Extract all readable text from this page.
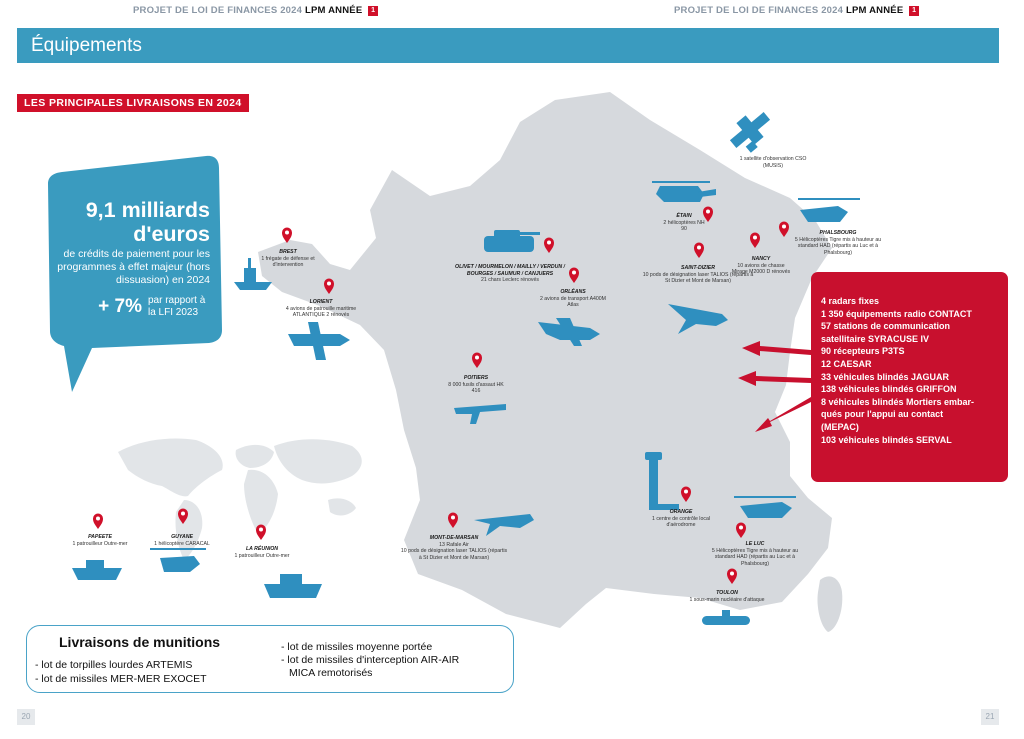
PROJET DE LOI DE FINANCES 2024 LPM ANNÉE 1	PROJET DE LOI DE FINANCES 2024 LPM ANNÉE 1
Équipements
LES PRINCIPALES LIVRAISONS EN 2024
9,1 milliards
d'euros
de crédits de paiement pour les programmes à effet majeur (hors dissuasion) en 2024
+ 7% par rapport à la LFI 2023
BREST
1 frégate de défense et d'intervention
LORIENT
4 avions de patrouille maritime ATLANTIQUE 2 rénovés
OLIVET / MOURMELON / MAILLY / VERDUN / BOURGES / SAUMUR / CANJUERS
21 chars Leclerc rénovés
ORLÉANS
2 avions de transport A400M Atlas
POITIERS
8 000 fusils d'assaut HK 416
MONT-DE-MARSAN
13 Rafale Air
10 pods de désignation laser TALIOS (répartis à St Dizier et Mont de Marsan)
ORANGE
1 centre de contrôle local d'aérodrome
LE LUC
5 Hélicoptères Tigre mis à hauteur au standard HAD (répartis au Luc et à Phalsbourg)
TOULON
1 sous-marin nucléaire d'attaque
ÉTAIN
2 hélicoptères NH 90
SAINT-DIZIER
10 pods de désignation laser TALIOS (répartis à St Dizier et Mont de Marsan)
NANCY
10 avions de chasse Mirage M2000 D rénovés
PHALSBOURG
5 Hélicoptères Tigre mis à hauteur au standard HAD (répartis au Luc et à Phalsbourg)
1 satellite d'observation CSO (MUSIS)
PAPEETE
1 patrouilleur Outre-mer
GUYANE
1 hélicoptère CARACAL
LA RÉUNION
1 patrouilleur Outre-mer
4 radars fixes
1 350 équipements radio CONTACT
57 stations de communication
satellitaire SYRACUSE IV
90 récepteurs P3TS
12 CAESAR
33 véhicules blindés JAGUAR
138 véhicules blindés GRIFFON
8 véhicules blindés Mortiers embar-
qués pour l'appui au contact
(MEPAC)
103 véhicules blindés SERVAL
Livraisons de munitions
- lot de torpilles lourdes ARTEMIS
- lot de missiles MER-MER EXOCET
- lot de missiles moyenne portée
- lot de missiles d'interception AIR-AIR
MICA remotorisés
20	21
